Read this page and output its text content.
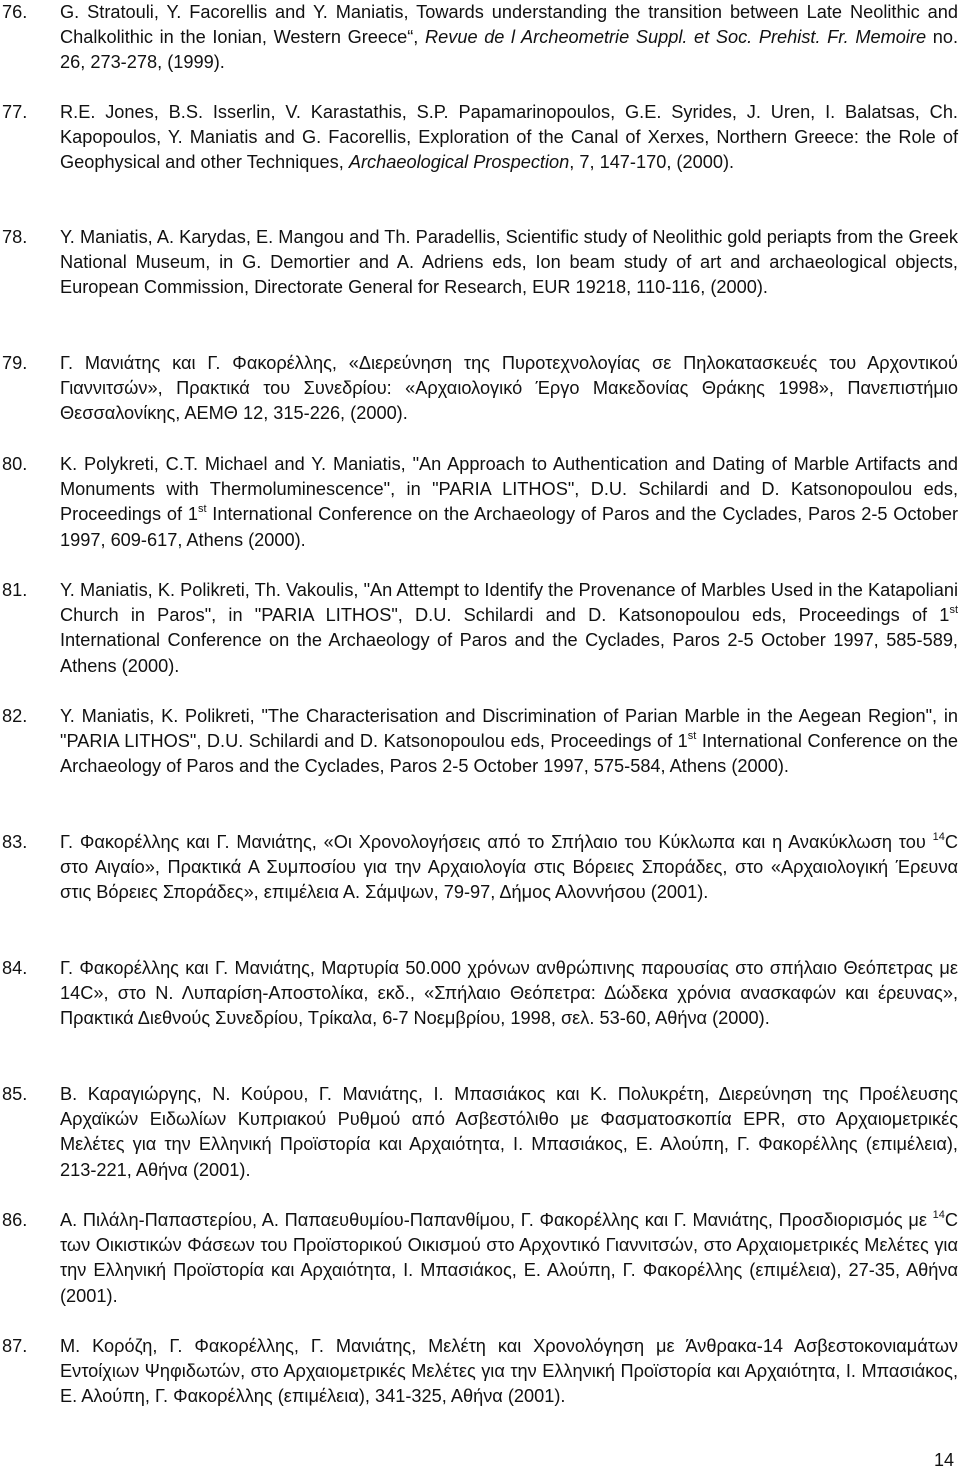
76.	G. Stratouli, Y. Facorellis and Y. Maniatis, Towards understanding the transition between Late Neolithic and Chalkolithic in the Ionian, Western Greece“, Revue de l Archeometrie Suppl. et Soc. Prehist. Fr. Memoire no. 26, 273-278, (1999).
77.	R.E. Jones, B.S. Isserlin, V. Karastathis, S.P. Papamarinopoulos, G.E. Syrides, J. Uren, I. Balatsas, Ch. Kapopoulos, Y. Maniatis and G. Facorellis, Exploration of the Canal of Xerxes, Northern Greece: the Role of Geophysical and other Techniques, Archaeological Prospection, 7, 147-170, (2000).
78.	Y. Maniatis, A. Karydas, E. Mangou and Th. Paradellis, Scientific study of Neolithic gold periapts from the Greek National Museum, in G. Demortier and A. Adriens eds, Ion beam study of art and archaeological objects, European Commission, Directorate General for Research, EUR 19218, 110-116, (2000).
79.	Γ. Μανιάτης και Γ. Φακορέλλης, «Διερεύνηση της Πυροτεχνολογίας σε Πηλοκατασκευές του Αρχοντικού Γιαννιτσών», Πρακτικά του Συνεδρίου: «Αρχαιολογικό Έργο Μακεδονίας Θράκης 1998», Πανεπιστήμιο Θεσσαλονίκης, ΑΕΜΘ 12, 315-226, (2000).
80.	K. Polykreti, C.T. Michael and Y. Maniatis, "An Approach to Authentication and Dating of Marble Artifacts and Monuments with Thermoluminescence", in "PARIA LITHOS", D.U. Schilardi and D. Katsonopoulou eds, Proceedings of 1st International Conference on the Archaeology of Paros and the Cyclades, Paros 2-5 October 1997, 609-617, Athens (2000).
81.	Y. Maniatis, K. Polikreti, Th. Vakoulis, "An Attempt to Identify the Provenance of Marbles Used in the Katapoliani Church in Paros", in "PARIA LITHOS", D.U. Schilardi and D. Katsonopoulou eds, Proceedings of 1st International Conference on the Archaeology of Paros and the Cyclades, Paros 2-5 October 1997, 585-589, Athens (2000).
82.	Y. Maniatis, K. Polikreti, "The Characterisation and Discrimination of Parian Marble in the Aegean Region", in "PARIA LITHOS", D.U. Schilardi and D. Katsonopoulou eds, Proceedings of 1st International Conference on the Archaeology of Paros and the Cyclades, Paros 2-5 October 1997, 575-584, Athens (2000).
83.	Γ. Φακορέλλης και Γ. Μανιάτης, «Οι Χρονολογήσεις από το Σπήλαιο του Κύκλωπα και η Ανακύκλωση του $^{14}$C στο Αιγαίο», Πρακτικά Α Συμποσίου για την Αρχαιολογία στις Βόρειες Σποράδες, στο «Αρχαιολογική Έρευνα στις Βόρειες Σποράδες», επιμέλεια Α. Σάμψων, 79-97, Δήμος Αλοννήσου (2001).
84.	Γ. Φακορέλλης και Γ. Μανιάτης, Μαρτυρία 50.000 χρόνων ανθρώπινης παρουσίας στο σπήλαιο Θεόπετρας με 14C», στο Ν. Λυπαρίση-Αποστολίκα, εκδ., «Σπήλαιο Θεόπετρα: Δώδεκα χρόνια ανασκαφών και έρευνας», Πρακτικά Διεθνούς Συνεδρίου, Τρίκαλα, 6-7 Νοεμβρίου, 1998, σελ. 53-60, Αθήνα (2000).
85.	Β. Καραγιώργης, Ν. Κούρου, Γ. Μανιάτης, Ι. Μπασιάκος και Κ. Πολυκρέτη, Διερεύνηση της Προέλευσης Αρχαϊκών Ειδωλίων Κυπριακού Ρυθμού από Ασβεστόλιθο με Φασματοσκοπία EPR, στο Αρχαιομετρικές Μελέτες για την Ελληνική Προϊστορία και Αρχαιότητα, Ι. Μπασιάκος, Ε. Αλούπη, Γ. Φακορέλλης (επιμέλεια), 213-221, Αθήνα (2001).
86.	Α. Πιλάλη-Παπαστερίου, Α. Παπαευθυμίου-Παπανθίμου, Γ. Φακορέλλης και Γ. Μανιάτης, Προσδιορισμός με $^{14}$C των Οικιστικών Φάσεων του Προϊστορικού Οικισμού στο Αρχοντικό Γιαννιτσών, στο Αρχαιομετρικές Μελέτες για την Ελληνική Προϊστορία και Αρχαιότητα, Ι. Μπασιάκος, Ε. Αλούπη, Γ. Φακορέλλης (επιμέλεια), 27-35, Αθήνα (2001).
87.	Μ. Κορόζη, Γ. Φακορέλλης, Γ. Μανιάτης, Μελέτη και Χρονολόγηση με Άνθρακα-14 Ασβεστοκονιαμάτων Εντοίχιων Ψηφιδωτών, στο Αρχαιομετρικές Μελέτες για την Ελληνική Προϊστορία και Αρχαιότητα, Ι. Μπασιάκος, Ε. Αλούπη, Γ. Φακορέλλης (επιμέλεια), 341-325, Αθήνα (2001).
14
